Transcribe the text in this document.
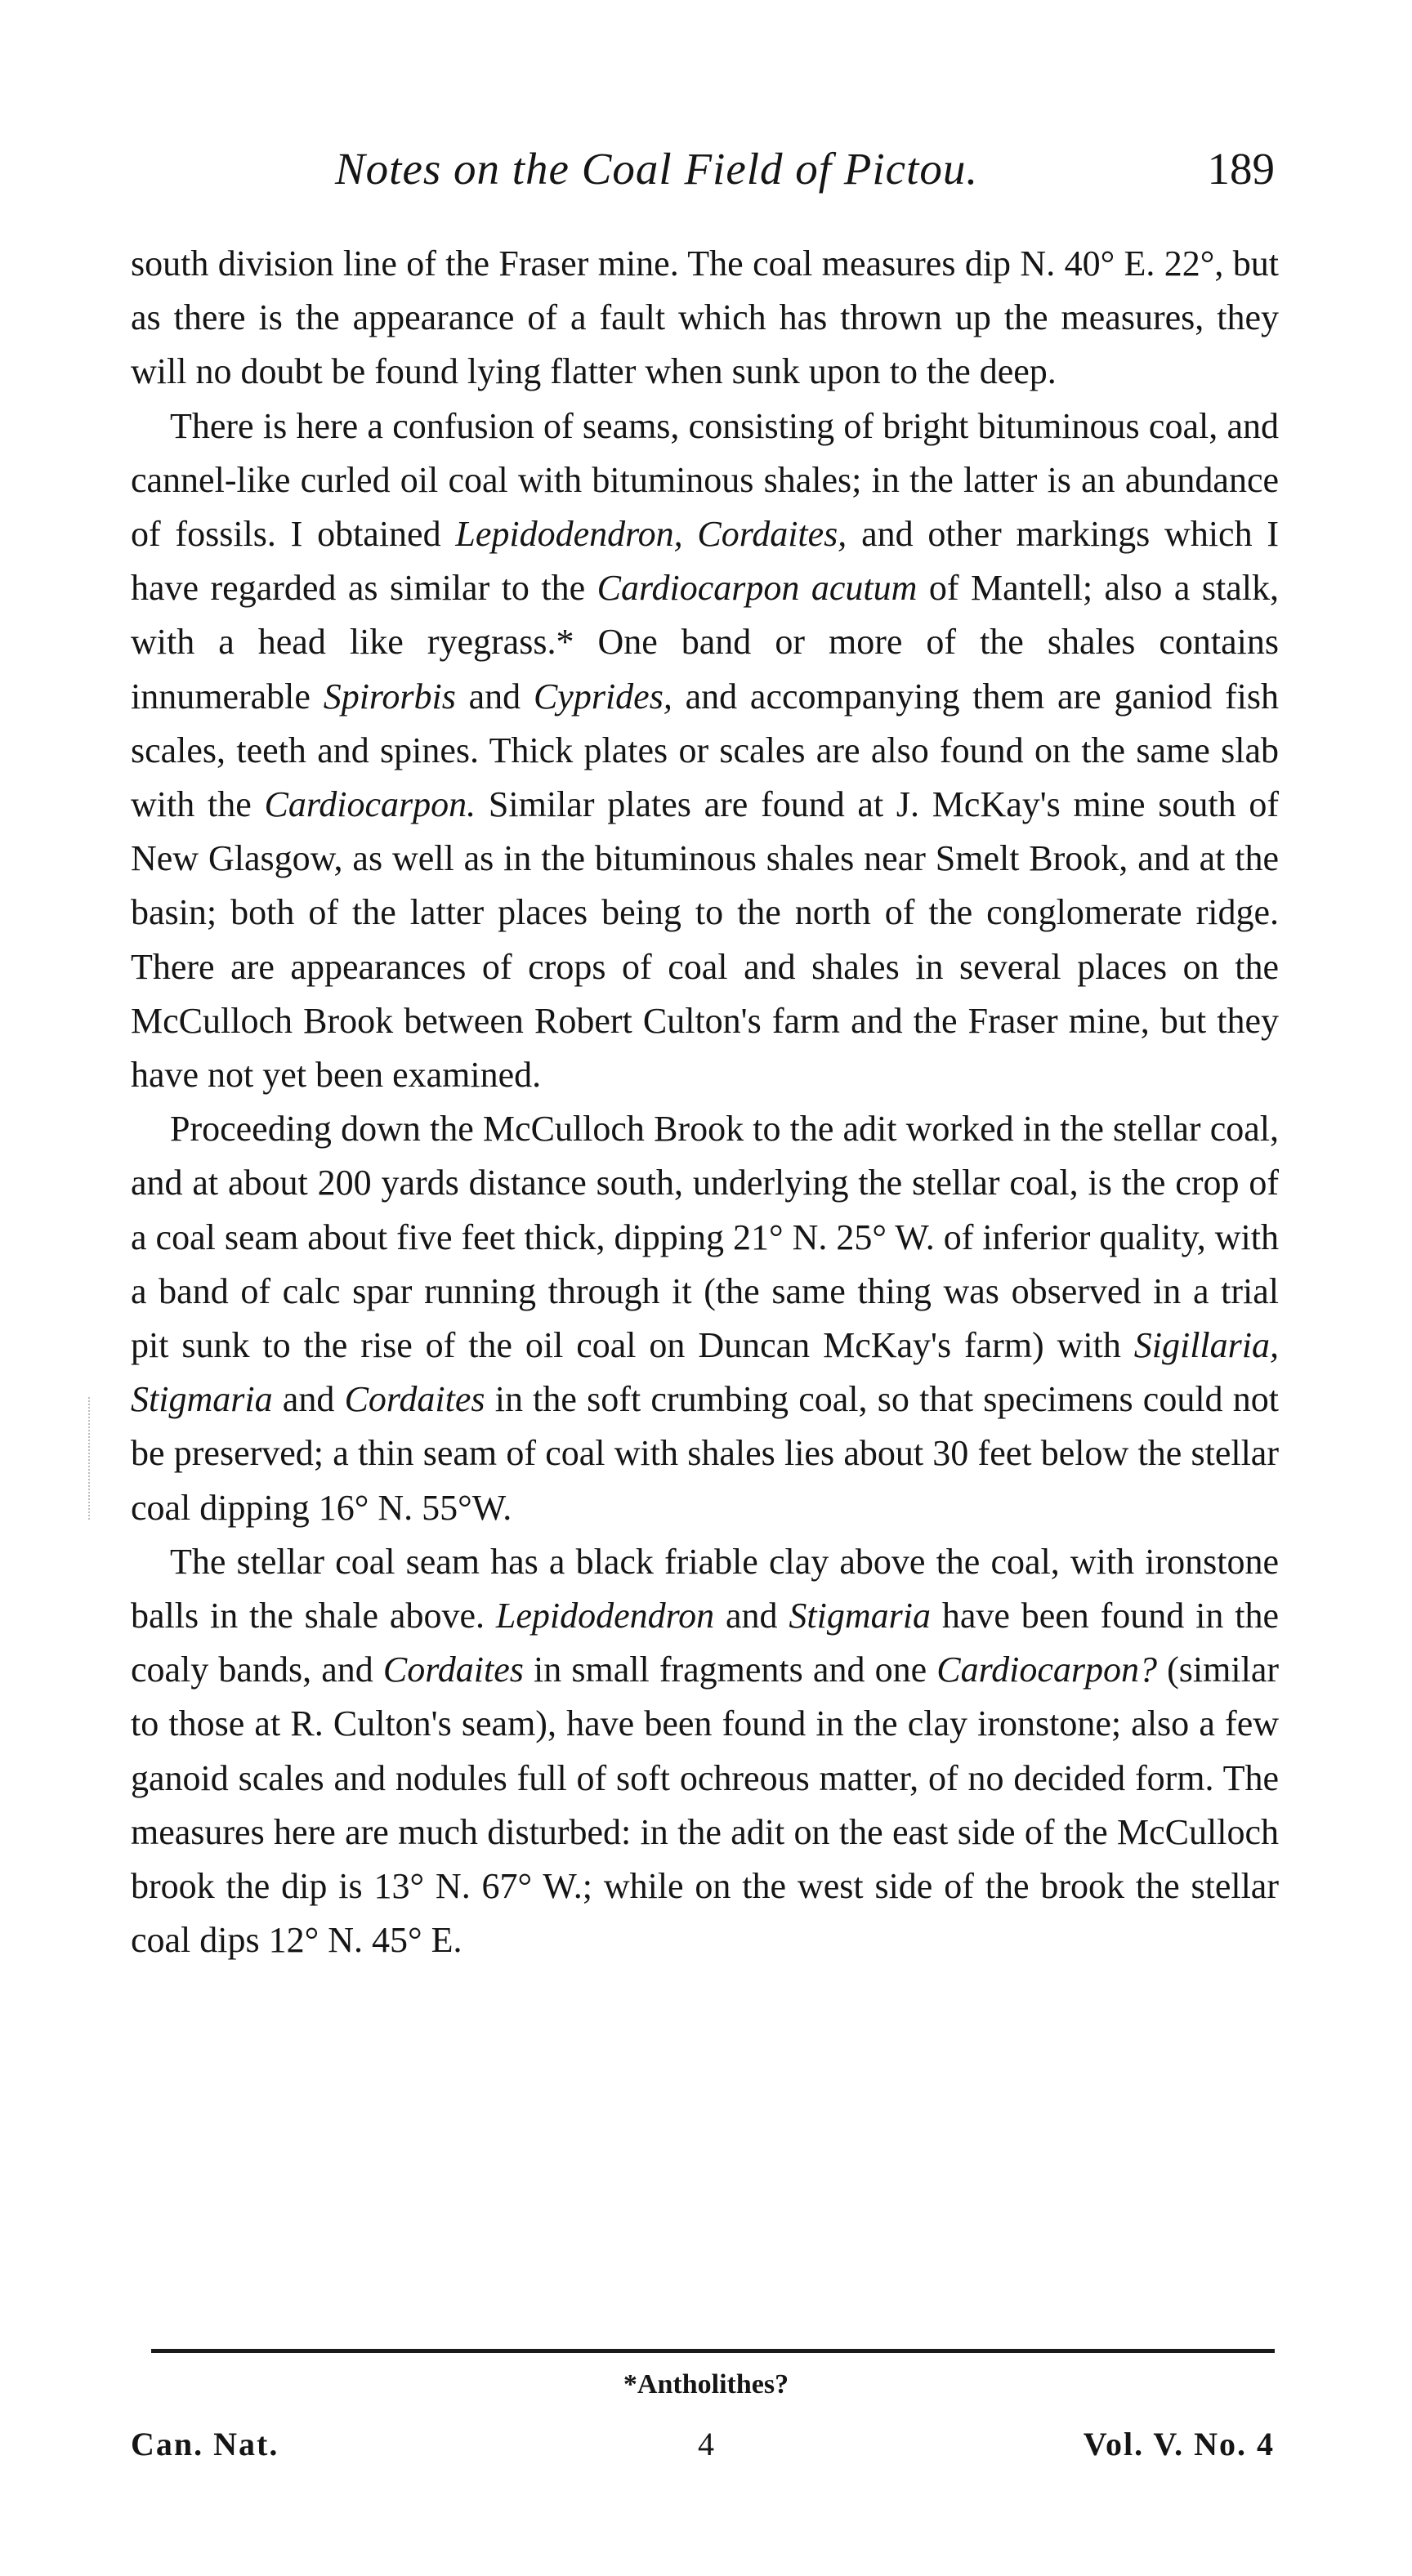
Notes on the Coal Field of Pictou.	189

south division line of the Fraser mine. The coal measures dip N. 40° E. 22°, but as there is the appearance of a fault which has thrown up the measures, they will no doubt be found lying flatter when sunk upon to the deep.

There is here a confusion of seams, consisting of bright bituminous coal, and cannel-like curled oil coal with bituminous shales; in the latter is an abundance of fossils. I obtained Lepidodendron, Cordaites, and other markings which I have regarded as similar to the Cardiocarpon acutum of Mantell; also a stalk, with a head like ryegrass.* One band or more of the shales contains innumerable Spirorbis and Cyprides, and accompanying them are ganiod fish scales, teeth and spines. Thick plates or scales are also found on the same slab with the Cardiocarpon. Similar plates are found at J. McKay's mine south of New Glasgow, as well as in the bituminous shales near Smelt Brook, and at the basin; both of the latter places being to the north of the conglomerate ridge. There are appearances of crops of coal and shales in several places on the McCulloch Brook between Robert Culton's farm and the Fraser mine, but they have not yet been examined.

Proceeding down the McCulloch Brook to the adit worked in the stellar coal, and at about 200 yards distance south, underlying the stellar coal, is the crop of a coal seam about five feet thick, dipping 21° N. 25° W. of inferior quality, with a band of calc spar running through it (the same thing was observed in a trial pit sunk to the rise of the oil coal on Duncan McKay's farm) with Sigillaria, Stigmaria and Cordaites in the soft crumbing coal, so that specimens could not be preserved; a thin seam of coal with shales lies about 30 feet below the stellar coal dipping 16° N. 55°W.

The stellar coal seam has a black friable clay above the coal, with ironstone balls in the shale above. Lepidodendron and Stigmaria have been found in the coaly bands, and Cordaites in small fragments and one Cardiocarpon? (similar to those at R. Culton's seam), have been found in the clay ironstone; also a few ganoid scales and nodules full of soft ochreous matter, of no decided form. The measures here are much disturbed: in the adit on the east side of the McCulloch brook the dip is 13° N. 67° W.; while on the west side of the brook the stellar coal dips 12° N. 45° E.

*Antholithes?
Can. Nat.	4	Vol. V. No. 4
